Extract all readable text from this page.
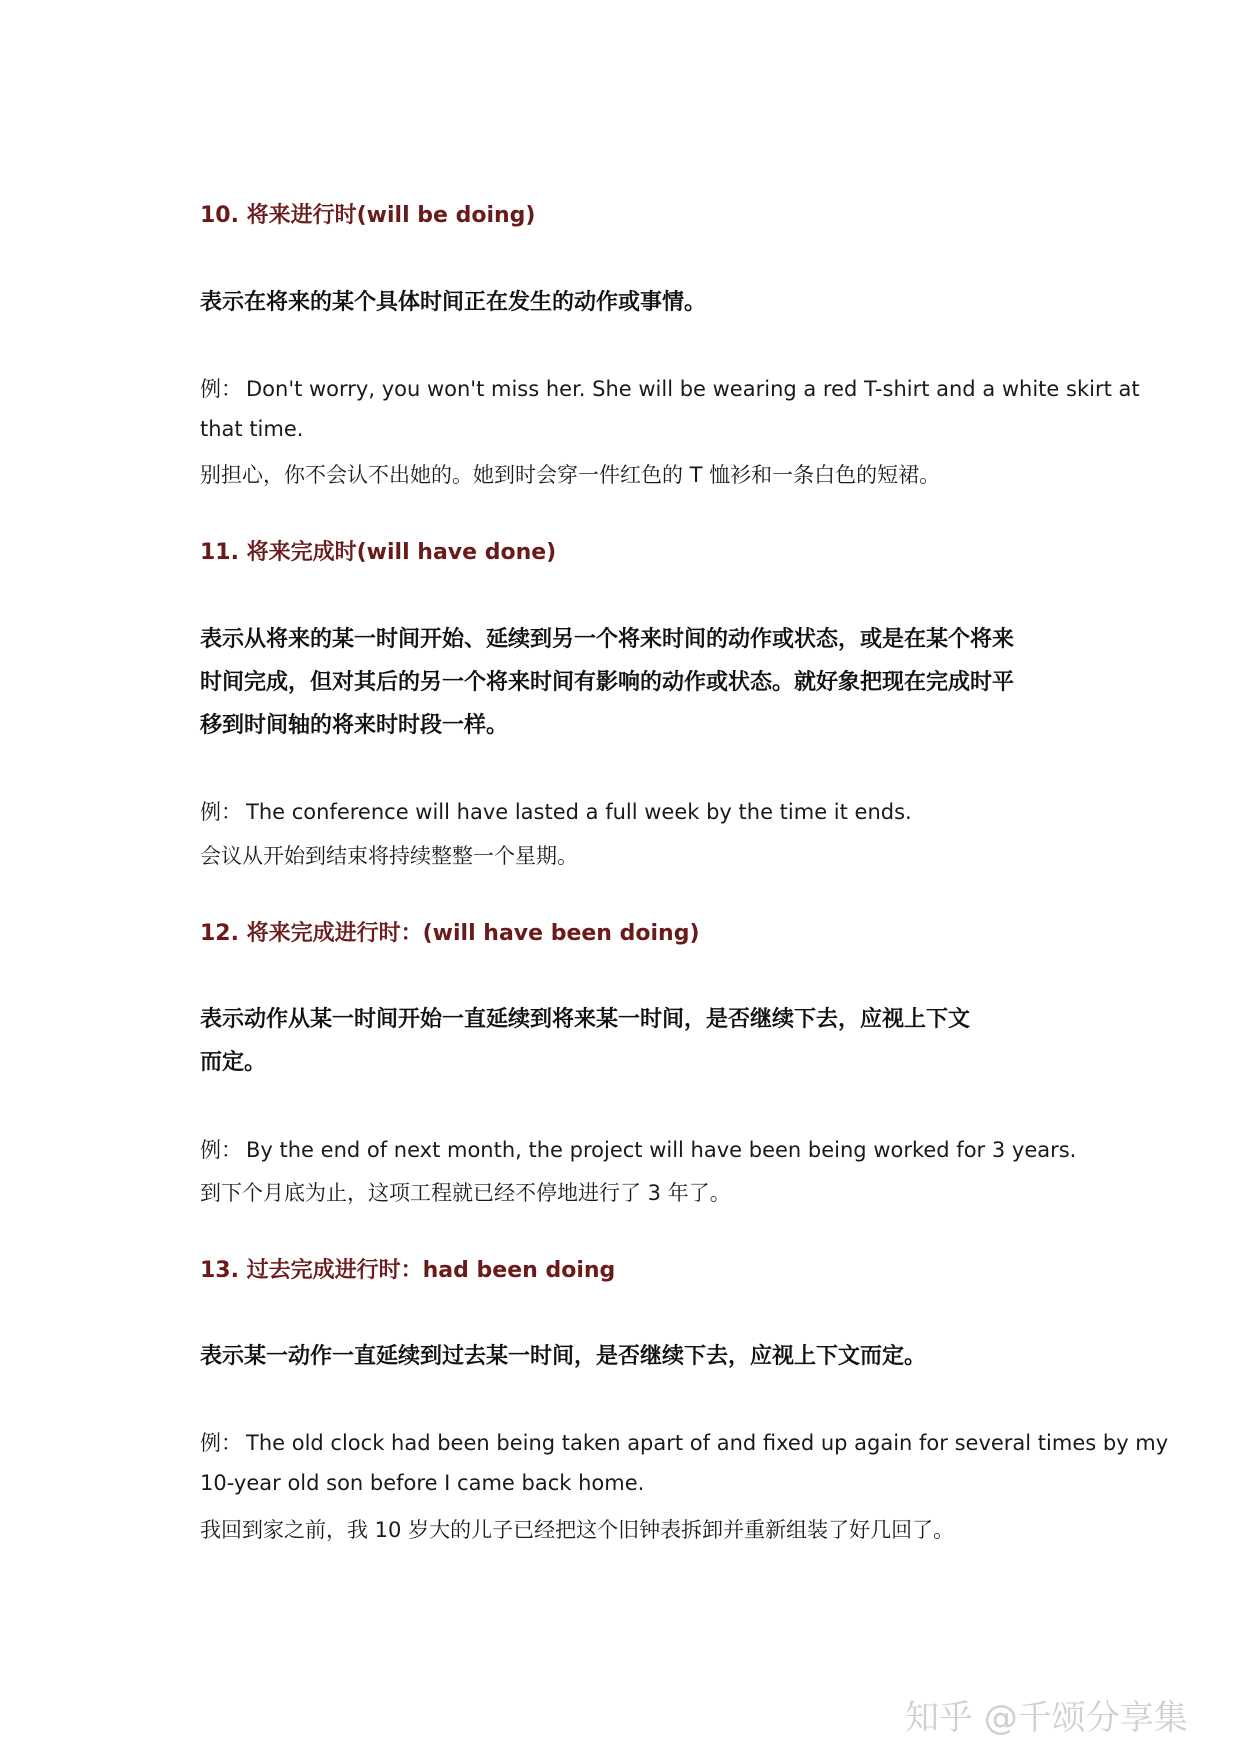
10. 将来进行时(will be doing)
表示在将来的某个具体时间正在发生的动作或事情。
例： Don't worry, you won't miss her. She will be wearing a red T-shirt and a white skirt at
that time.
别担心，你不会认不出她的。她到时会穿一件红色的 T 恤衫和一条白色的短裙。
11. 将来完成时(will have done)
表示从将来的某一时间开始、延续到另一个将来时间的动作或状态，或是在某个将来
时间完成，但对其后的另一个将来时间有影响的动作或状态。就好象把现在完成时平
移到时间轴的将来时时段一样。
例： The conference will have lasted a full week by the time it ends.
会议从开始到结束将持续整整一个星期。
12. 将来完成进行时：(will have been doing)
表示动作从某一时间开始一直延续到将来某一时间，是否继续下去，应视上下文
而定。
例： By the end of next month, the project will have been being worked for 3 years.
到下个月底为止，这项工程就已经不停地进行了 3 年了。
13. 过去完成进行时：had been doing
表示某一动作一直延续到过去某一时间，是否继续下去，应视上下文而定。
例： The old clock had been being taken apart of and fixed up again for several times by my
10-year old son before I came back home.
我回到家之前，我 10 岁大的儿子已经把这个旧钟表拆卸并重新组装了好几回了。
知乎 @千颂分享集
